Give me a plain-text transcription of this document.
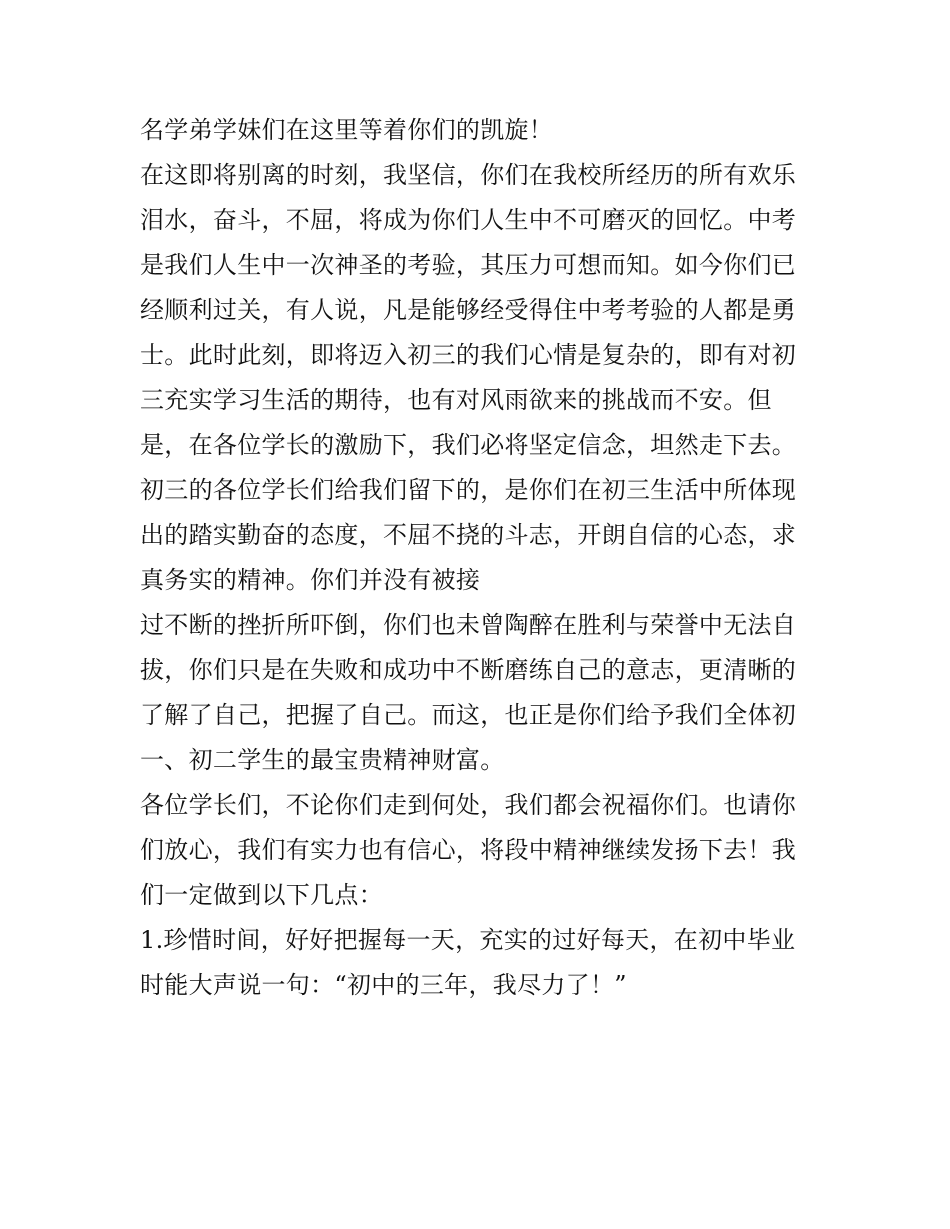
名学弟学妹们在这里等着你们的凯旋！
在这即将别离的时刻，我坚信，你们在我校所经历的所有欢乐
泪水，奋斗，不屈，将成为你们人生中不可磨灭的回忆。中考
是我们人生中一次神圣的考验，其压力可想而知。如今你们已
经顺利过关，有人说，凡是能够经受得住中考考验的人都是勇
士。此时此刻，即将迈入初三的我们心情是复杂的，即有对初
三充实学习生活的期待，也有对风雨欲来的挑战而不安。但
是，在各位学长的激励下，我们必将坚定信念，坦然走下去。
初三的各位学长们给我们留下的，是你们在初三生活中所体现
出的踏实勤奋的态度，不屈不挠的斗志，开朗自信的心态，求
真务实的精神。你们并没有被接
过不断的挫折所吓倒，你们也未曾陶醉在胜利与荣誉中无法自
拔，你们只是在失败和成功中不断磨练自己的意志，更清晰的
了解了自己，把握了自己。而这，也正是你们给予我们全体初
一、初二学生的最宝贵精神财富。
各位学长们，不论你们走到何处，我们都会祝福你们。也请你
们放心，我们有实力也有信心，将段中精神继续发扬下去！我
们一定做到以下几点：
1.珍惜时间，好好把握每一天，充实的过好每天，在初中毕业
时能大声说一句：“初中的三年，我尽力了！”
